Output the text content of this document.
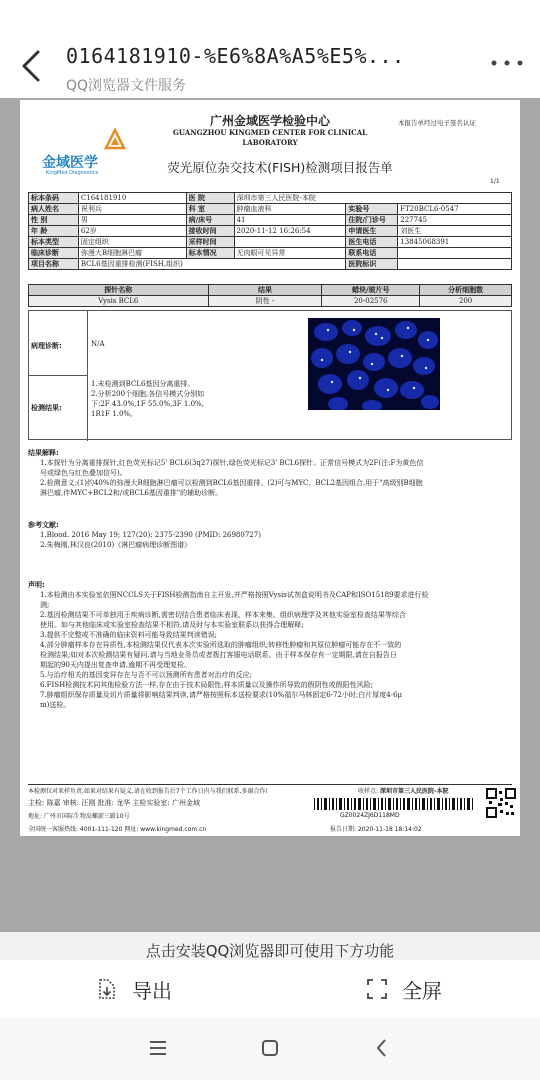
0164181910-%E6%8A%A5%E5%...
QQ浏览器文件服务
金域医学
KingMed Diagnostics
广州金域医学检验中心
GUANGZHOU KINGMED CENTER FOR CLINICAL
LABORATORY
本报告单经过电子签名认证
荧光原位杂交技术(FISH)检测项目报告单
1/1
标本条码	C164181910	医 院	深圳市第三人民医院-本院		
病人姓名	祝利兵	科 室	肿瘤血液科	实验号	FT20BCL6-0547
性 别	男	病/床号	41	住院/门诊号	227745
年 龄	62岁	接收时间	2020-11-12 16:26:54	申请医生	刘医生
标本类型	固定组织	采样时间		医生电话	13845068391
临床诊断	弥漫大B细胞淋巴瘤	标本情况	无肉眼可见异常	联系电话	
项目名称	BCL6基因重排检测(FISH,组织)			医院标识	
探针名称	结果	蜡块/玻片号	分析细胞数
Vysis BCL6	阴性 -	20-02576	200
病理诊断:	N/A
检测结果:
1.未检测到BCL6基因分离重排。
2.分析200个细胞,各信号模式分别如
下:2F 43.0%,1F 55.0%,3F 1.0%,
1R1F 1.0%。
结果解释:

1.本探针为分离重排探针,红色荧光标记5' BCL6(3q27)探针,绿色荧光标记3' BCL6探针。正常信号模式为2F(注:F为黄色信

号或绿色与红色叠加信号)。

2.检测意义:(1)约40%的弥漫大B细胞淋巴瘤可以检测到BCL6基因重排。(2)可与MYC、BCL2基因组合,用于"高级别B细胞

淋巴瘤,伴MYC+BCL2和/或BCL6基因重排"的辅助诊断。

参考文献:

1.Blood. 2016 May 19; 127(20): 2375-2390 (PMID: 26980727)

2.朱梅刚,林汉良(2010)《淋巴瘤病理诊断图谱》

声明:

1.本检测由本实验室依照NCCLS关于FISH检测指南自主开发,并严格按照Vysis试剂盒说明书及CAP和ISO15189要求进行检

测;

2.基因检测结果不可单独用于疾病诊断,需密切结合患者临床表现、样本来集、组织病理学及其他实验室检查结果等综合

使用。如与其他临床或实验室检查结果不相符,请及时与本实验室联系以获得合理解释;

3.提供不完整或不准确的临床资料可能导致结果判读错误;

4.部分肿瘤样本存在异质性,本检测结果仅代表本次实验所选取的肿瘤组织;转移性肿瘤和其原位肿瘤可能存在不一致的

检测结果;如对本次检测结果有疑问,请与当地业务员或者拨打客服电话联系。由于样本保存有一定期限,请在自报告日

期起的90天内提出复查申请,逾期不再受理复检。

5.与治疗相关的基因变异存在与否不可以预测所有患者对治疗的反应;

6.FISH检测技术同其他检验方法一样,存在由于技术局限性,样本质量以及操作所导致的假阴性或假阳性风险;

7.肿瘤组织保存质量及切片质量将影响结果判读,请严格按照标本送检要求(10%福尔马林固定6-72小时;白片厚度4-6μ

m)送检。

本检测仅对来样负责,如果对结果有疑义,请在收到报告后7个工作日内与我们联系,多谢合作!	收样点: 深圳市第三人民医院-本院
主检: 陈嘉 审核: 汪刚 批准: 龙华 主检实验室: 广州金域
地址: 广州市国际生物岛螺旋三路10号
全国统一客服热线: 4001-111-120 网址: www.kingmed.com.cn	报告日期: 2020-11-18 18:14:02
GZ0024ZJ6D118MD
点击安装QQ浏览器即可使用下方功能
导出	全屏
